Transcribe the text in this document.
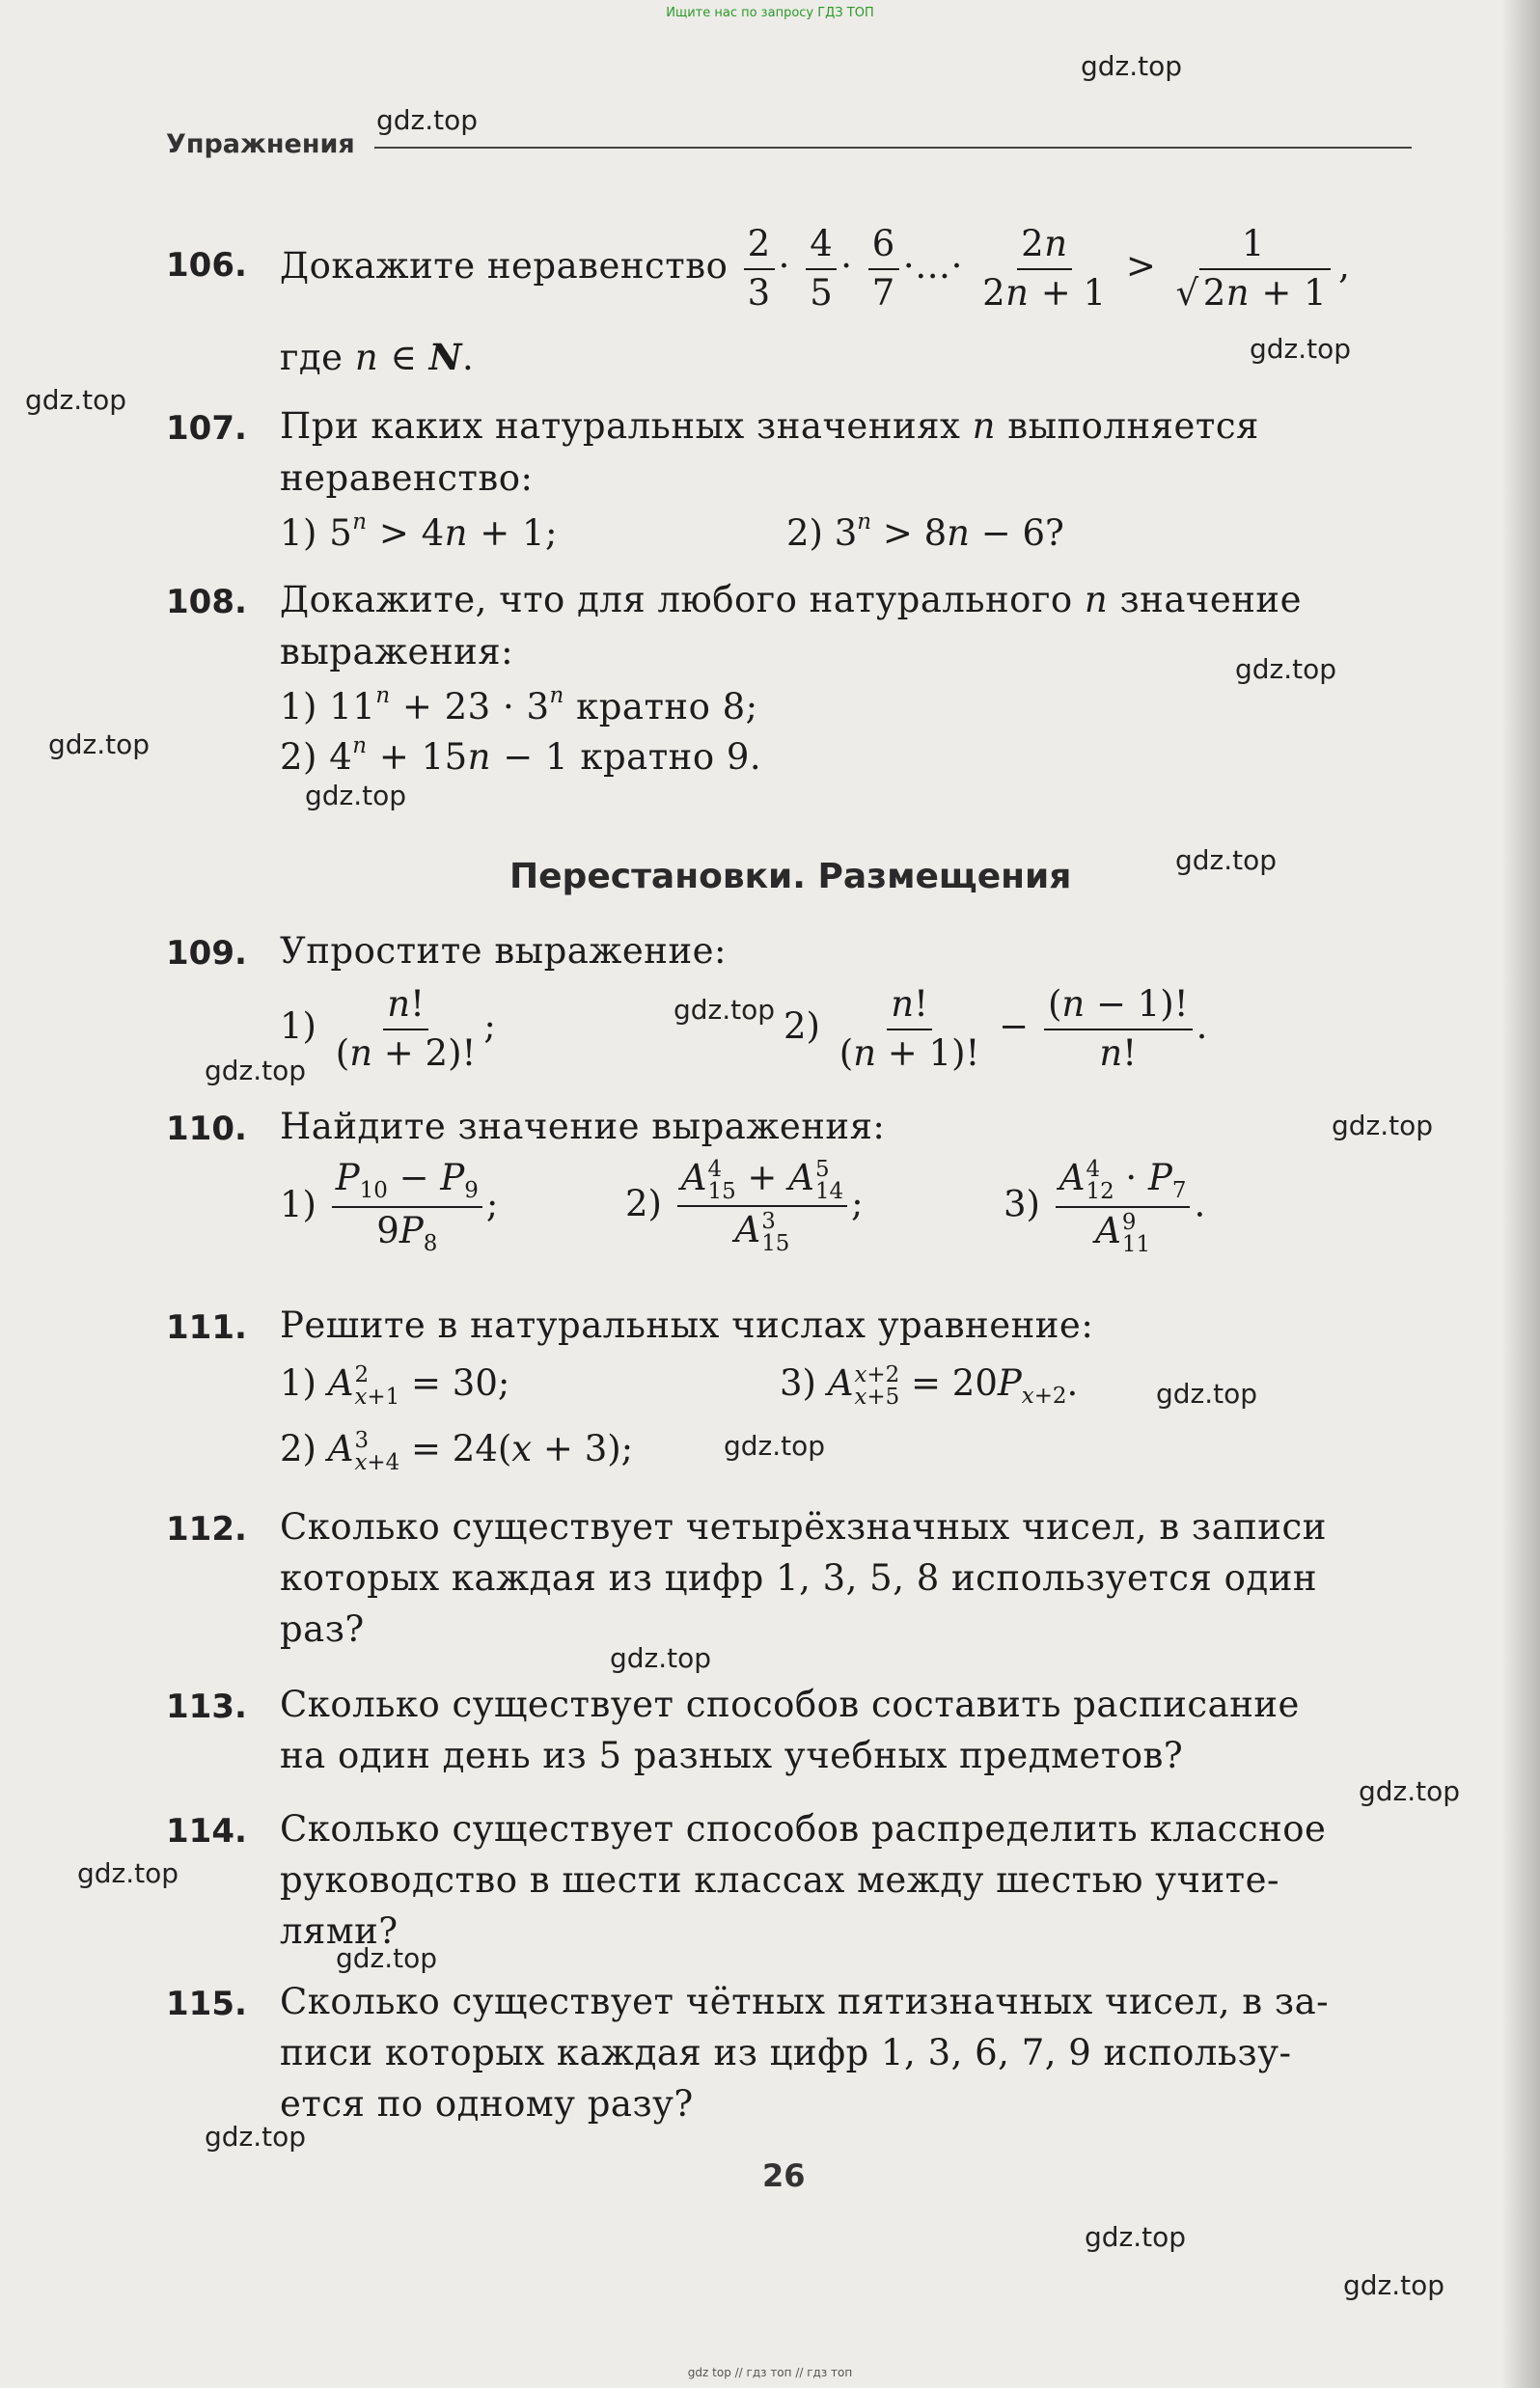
Ищите нас по запросу ГДЗ ТОП
Упражнения
gdz.top
gdz.top
gdz.top
gdz.top
gdz.top
gdz.top
gdz.top
gdz.top
gdz.top
gdz.top
gdz.top
gdz.top
gdz.top
gdz.top
gdz.top
gdz.top
gdz.top
gdz.top
gdz.top
gdz.top
106. Докажите неравенство $\frac{2}{3} \cdot \frac{4}{5} \cdot \frac{6}{7}$ ·…· $\frac{2n}{2n + 1} > \frac{1}{√ 2n + 1}$ ,
где n ∈ N.
107. При каких натуральных значениях n выполняется
неравенство:
1) $5^n > 4n + 1$;	2) $3^n > 8n - 6$?
108. Докажите, что для любого натурального n значение
выражения:
1) $11^n + 23 \cdot 3^n$ кратно 8;
2) $4^n + 15n - 1$ кратно 9.
Перестановки. Размещения
109. Упростите выражение:
$1) \frac{n!}{(n + 2)!}$ ;	$2) \frac{n!}{(n + 1)!} - \frac{(n - 1)!}{n!}$ .
110. Найдите значение выражения:
$1) \frac{P_{10} - P_9}{9P_8}$ ;	2) A 4
15 + A 5
14
A 3
15 ;	3) A 4
$12 \cdot P_7$
A 9
11 .
111. Решите в натуральных числах уравнение:
1) A 2
x+1 = 30;	3) A x+2
$x+5 = 20P_{x+2}$.
2) A 3
x+4 = 24(x + 3);
112. Сколько существует четырёхзначных чисел, в записи
которых каждая из цифр 1, 3, 5, 8 используется один
раз?
113. Сколько существует способов составить расписание
на один день из 5 разных учебных предметов?
114. Сколько существует способов распределить классное
руководство в шести классах между шестью учите-
лями?
115. Сколько существует чётных пятизначных чисел, в за-
писи которых каждая из цифр 1, 3, 6, 7, 9 использу-
ется по одному разу?
26
gdz top // гдз топ // гдз топ
